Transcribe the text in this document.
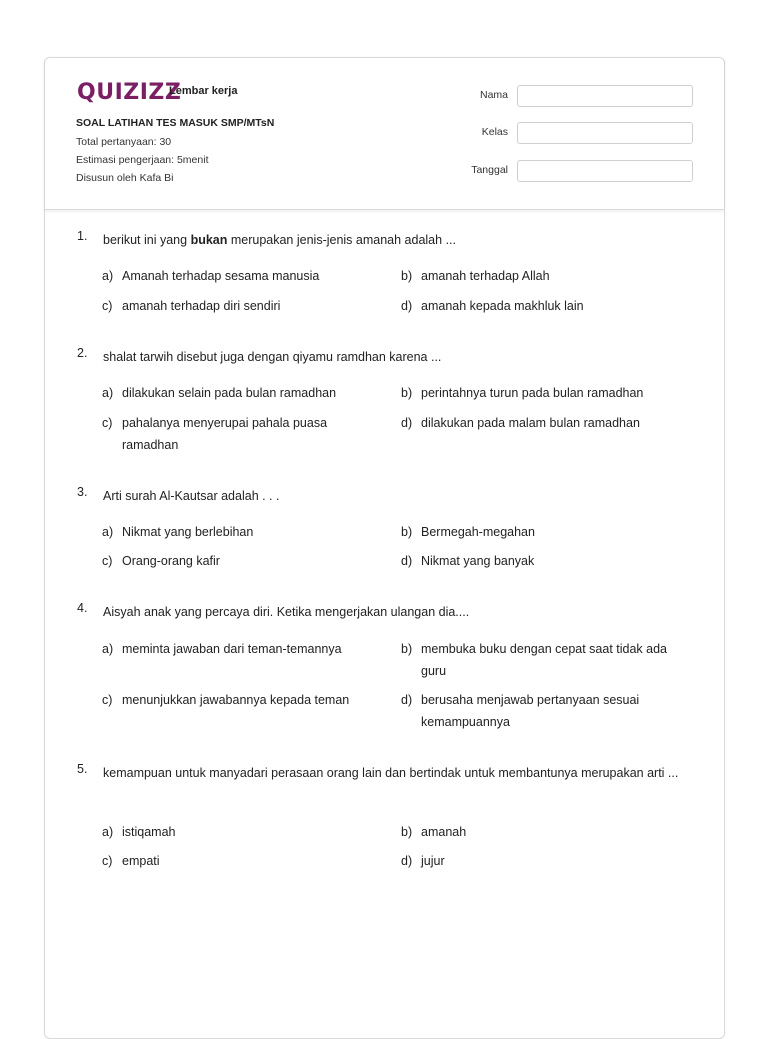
QUIZIZZ
Lembar kerja
SOAL LATIHAN TES MASUK SMP/MTsN
Total pertanyaan: 30
Estimasi pengerjaan: 5menit
Disusun oleh Kafa Bi
Nama
Kelas
Tanggal
1. berikut ini yang bukan merupakan jenis-jenis amanah adalah ...
a) Amanah terhadap sesama manusia	b) amanah terhadap Allah
c) amanah terhadap diri sendiri	d) amanah kepada makhluk lain
2. shalat tarwih disebut juga dengan qiyamu ramdhan karena ...
a) dilakukan selain pada bulan ramadhan	b) perintahnya turun pada bulan ramadhan
c) pahalanya menyerupai pahala puasa ramadhan
d) dilakukan pada malam bulan ramadhan
3. Arti surah Al-Kautsar adalah . . .
a) Nikmat yang berlebihan	b) Bermegah-megahan
c) Orang-orang kafir	d) Nikmat yang banyak
4. Aisyah anak yang percaya diri. Ketika mengerjakan ulangan dia....
a) meminta jawaban dari teman-temannya	b) membuka buku dengan cepat saat tidak ada guru
c) menunjukkan jawabannya kepada teman	d) berusaha menjawab pertanyaan sesuai kemampuannya
5. kemampuan untuk manyadari perasaan orang lain dan bertindak untuk membantunya merupakan arti ...
a) istiqamah	b) amanah
c) empati	d) jujur
